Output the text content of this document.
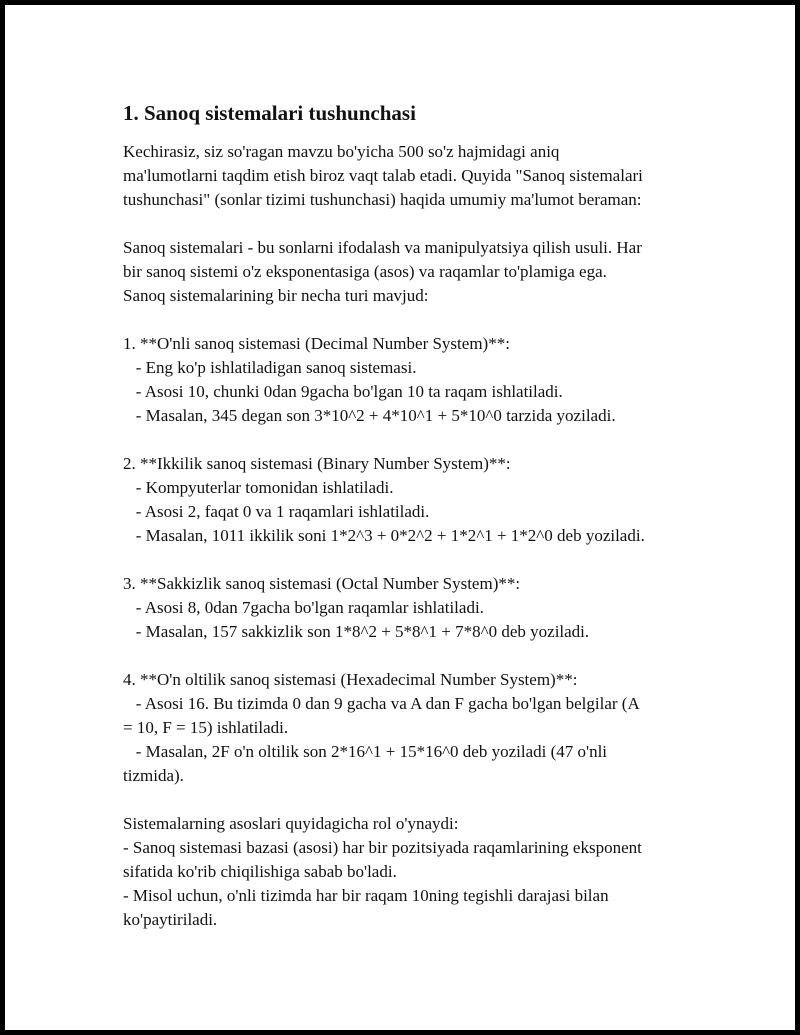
1. Sanoq sistemalari tushunchasi
Kechirasiz, siz so'ragan mavzu bo'yicha 500 so'z hajmidagi aniq
ma'lumotlarni taqdim etish biroz vaqt talab etadi. Quyida "Sanoq sistemalari
tushunchasi" (sonlar tizimi tushunchasi) haqida umumiy ma'lumot beraman:
Sanoq sistemalari - bu sonlarni ifodalash va manipulyatsiya qilish usuli. Har
bir sanoq sistemi o'z eksponentasiga (asos) va raqamlar to'plamiga ega.
Sanoq sistemalarining bir necha turi mavjud:
1. **O'nli sanoq sistemasi (Decimal Number System)**:
- Eng ko'p ishlatiladigan sanoq sistemasi.
- Asosi 10, chunki 0dan 9gacha bo'lgan 10 ta raqam ishlatiladi.
- Masalan, 345 degan son 3*10^2 + 4*10^1 + 5*10^0 tarzida yoziladi.
2. **Ikkilik sanoq sistemasi (Binary Number System)**:
- Kompyuterlar tomonidan ishlatiladi.
- Asosi 2, faqat 0 va 1 raqamlari ishlatiladi.
- Masalan, 1011 ikkilik soni 1*2^3 + 0*2^2 + 1*2^1 + 1*2^0 deb yoziladi.
3. **Sakkizlik sanoq sistemasi (Octal Number System)**:
- Asosi 8, 0dan 7gacha bo'lgan raqamlar ishlatiladi.
- Masalan, 157 sakkizlik son 1*8^2 + 5*8^1 + 7*8^0 deb yoziladi.
4. **O'n oltilik sanoq sistemasi (Hexadecimal Number System)**:
- Asosi 16. Bu tizimda 0 dan 9 gacha va A dan F gacha bo'lgan belgilar (A
= 10, F = 15) ishlatiladi.
- Masalan, 2F o'n oltilik son 2*16^1 + 15*16^0 deb yoziladi (47 o'nli
tizmida).
Sistemalarning asoslari quyidagicha rol o'ynaydi:
- Sanoq sistemasi bazasi (asosi) har bir pozitsiyada raqamlarining eksponent
sifatida ko'rib chiqilishiga sabab bo'ladi.
- Misol uchun, o'nli tizimda har bir raqam 10ning tegishli darajasi bilan
ko'paytiriladi.
